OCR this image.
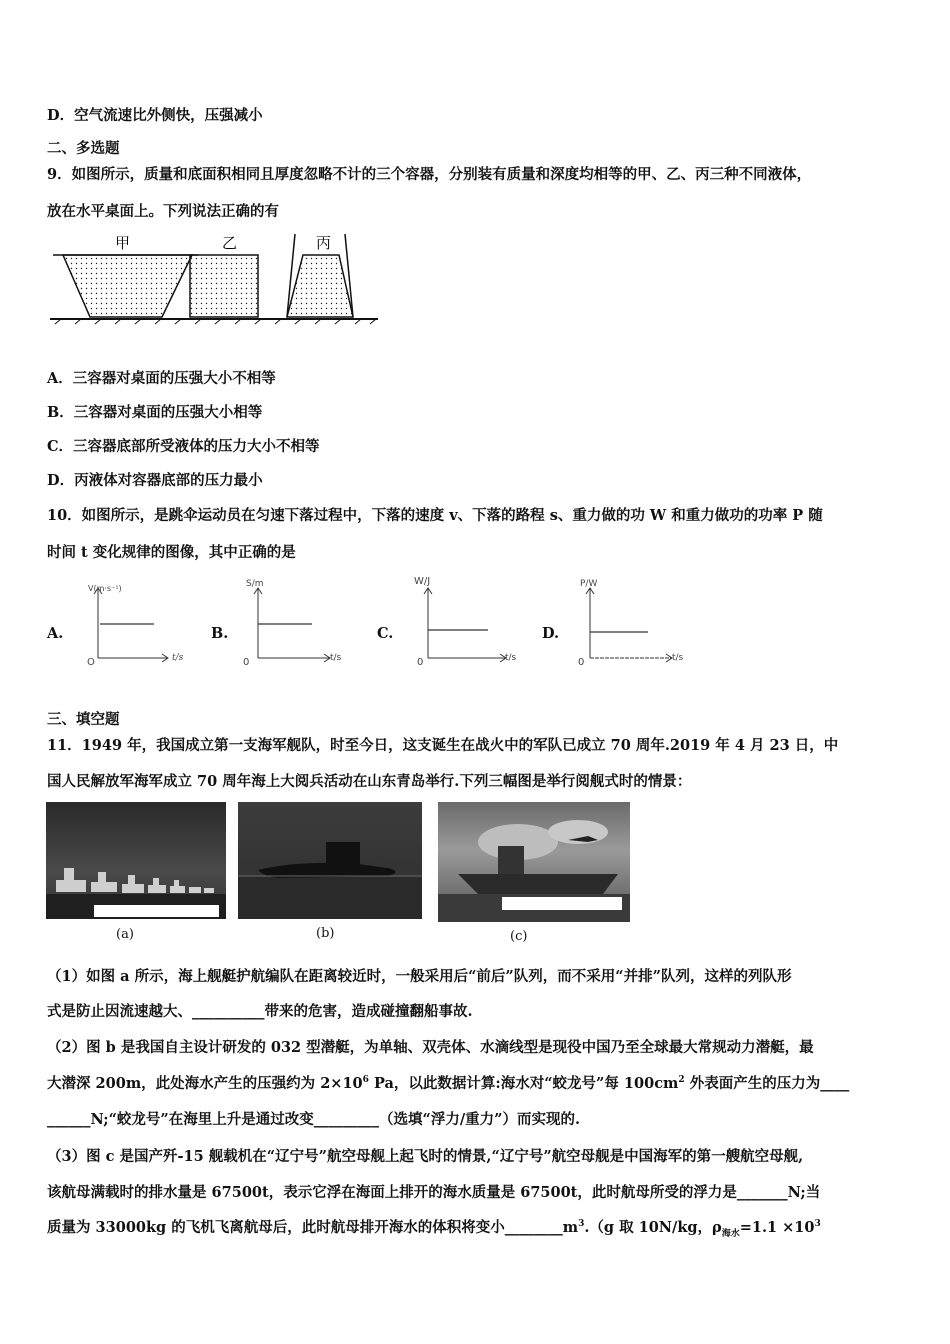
D．空气流速比外侧快，压强减小
二、多选题
9．如图所示，质量和底面积相同且厚度忽略不计的三个容器，分别装有质量和深度均相等的甲、乙、丙三种不同液体，
放在水平桌面上。下列说法正确的有
甲	乙	丙
A．三容器对桌面的压强大小不相等
B．三容器对桌面的压强大小相等
C．三容器底部所受液体的压力大小不相等
D．丙液体对容器底部的压力最小
10．如图所示，是跳伞运动员在匀速下落过程中，下落的速度 v、下落的路程 s、重力做的功 W 和重力做功的功率 P 随
时间 t 变化规律的图像，其中正确的是
A.	B.	C.	D.
V(m·s⁻¹)
t/s
O
S/m
t/s
0
W/J
t/s
0
P/W
t/s
0
三、填空题
11．1949 年，我国成立第一支海军舰队，时至今日，这支诞生在战火中的军队已成立 70 周年.2019 年 4 月 23 日，中
国人民解放军海军成立 70 周年海上大阅兵活动在山东青岛举行.下列三幅图是举行阅舰式时的情景：
(a)	(b)	(c)
（1）如图 a 所示，海上舰艇护航编队在距离较近时，一般采用后“前后”队列，而不采用“并排”队列，这样的列队形
式是防止因流速越大、__________带来的危害，造成碰撞翻船事故.
（2）图 b 是我国自主设计研发的 032 型潜艇，为单轴、双壳体、水滴线型是现役中国乃至全球最大常规动力潜艇，最
大潜深 200m，此处海水产生的压强约为 $2\times 10^6$ Pa，以此数据计算:海水对“蛟龙号”每 $100cm^2$ 外表面产生的压力为____
______N;“蛟龙号”在海里上升是通过改变_________（选填“浮力/重力”）而实现的.
（3）图 c 是国产歼-15 舰载机在“辽宁号”航空母舰上起飞时的情景,“辽宁号”航空母舰是中国海军的第一艘航空母舰,
该航母满载时的排水量是 67500t，表示它浮在海面上排开的海水质量是 67500t，此时航母所受的浮力是_______N;当
质量为 33000kg 的飞机飞离航母后，此时航母排开海水的体积将变小$\_\_\_\_\_\_\_\_m^3.(g$ 取 10N/kg，$\rho_{海水}=1.1 \times 10^3$
